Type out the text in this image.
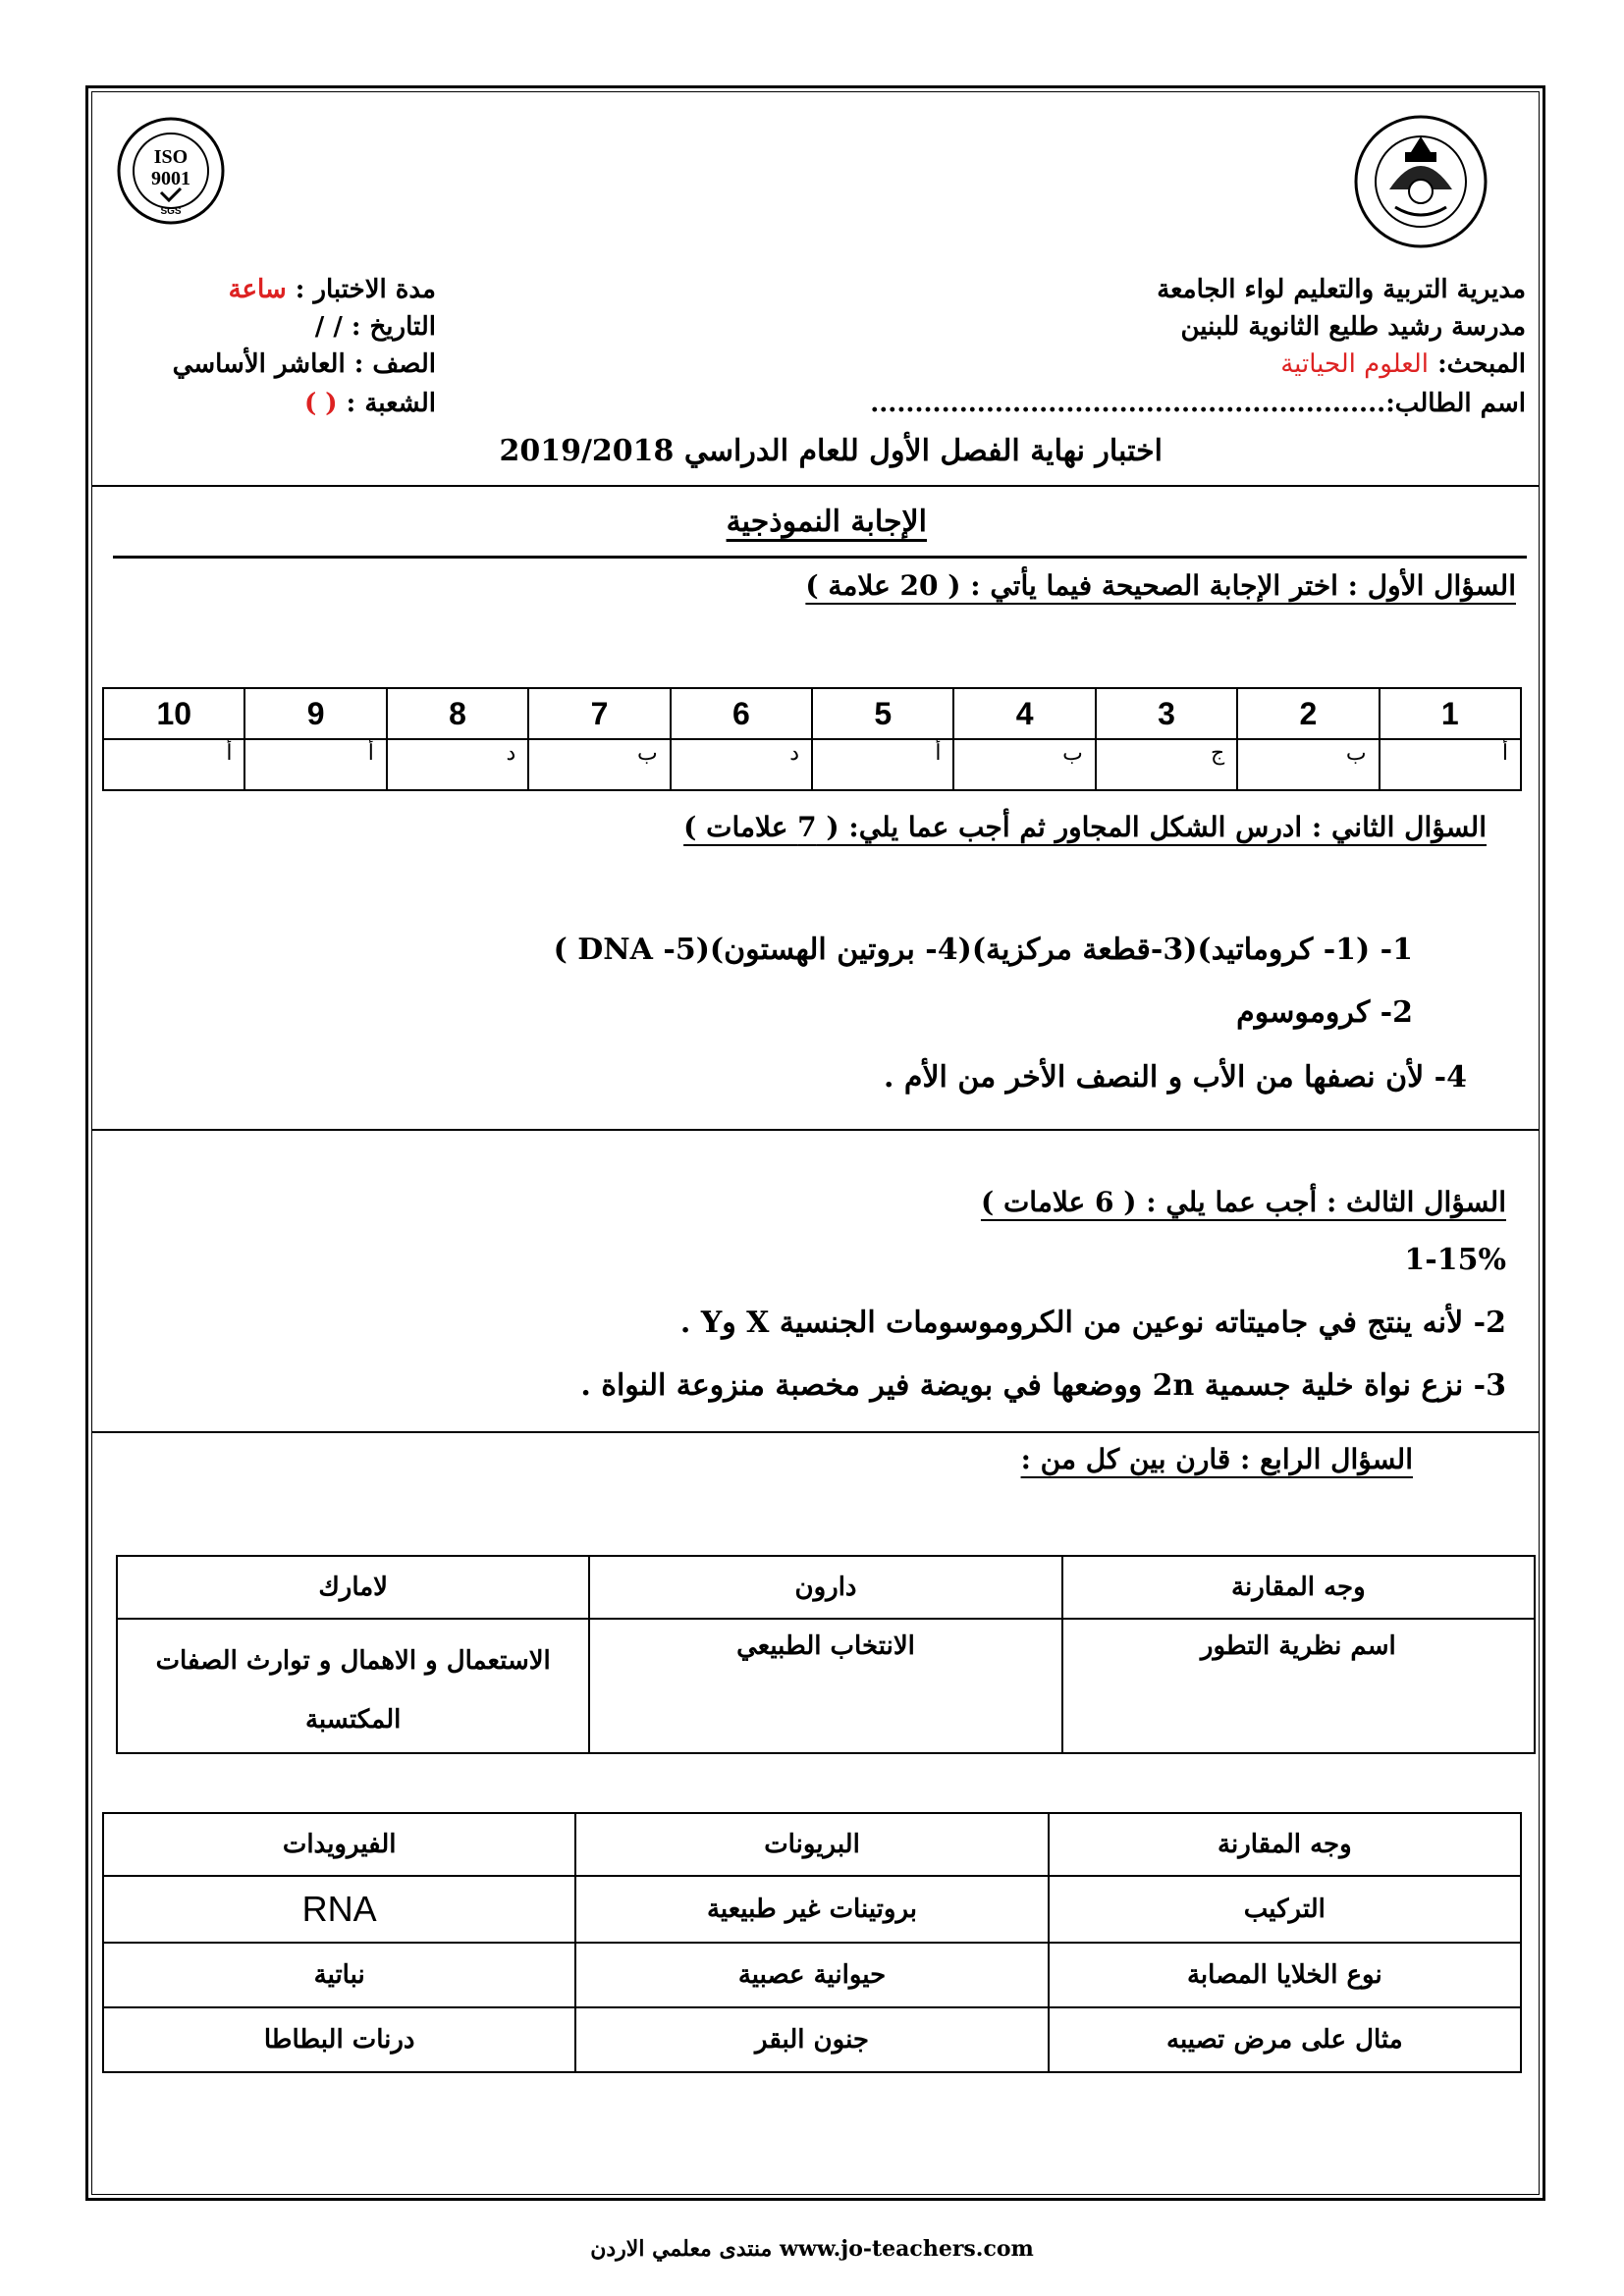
ISO
9001
SGS
مديرية التربية والتعليم لواء الجامعة
مدرسة رشيد طليع الثانوية للبنين
المبحث: العلوم الحياتية
اسم الطالب:..........................................................
مدة الاختبار : ساعة
التاريخ : / /
الصف : العاشر الأساسي
الشعبة : ( )
اختبار نهاية الفصل الأول للعام الدراسي 2019/2018
الإجابة النموذجية
السؤال الأول : اختر الإجابة الصحيحة فيما يأتي : ( 20 علامة )
1	2	3	4	5	6	7	8	9	10
أ	ب	ج	ب	أ	د	ب	د	أ	أ
السؤال الثاني : ادرس الشكل المجاور ثم أجب عما يلي: ( 7 علامات )
1- (1- كروماتيد)(3-قطعة مركزية)(4- بروتين الهستون)(5- DNA )
2- كروموسوم
4- لأن نصفها من الأب و النصف الأخر من الأم .
السؤال الثالث : أجب عما يلي : ( 6 علامات )
1-15%
2- لأنه ينتج في جاميتاته نوعين من الكروموسومات الجنسية X وY .
3- نزع نواة خلية جسمية 2n ووضعها في بويضة فير مخصبة منزوعة النواة .
السؤال الرابع : قارن بين كل من :
وجه المقارنة	دارون	لامارك
اسم نظرية التطور	الانتخاب الطبيعي	الاستعمال و الاهمال و توارث الصفات المكتسبة
وجه المقارنة	البريونات	الفيرويدات
التركيب	بروتينات غير طبيعية	RNA
نوع الخلايا المصابة	حيوانية عصبية	نباتية
مثال على مرض تصيبه	جنون البقر	درنات البطاطا
www.jo-teachers.com منتدى معلمي الاردن
